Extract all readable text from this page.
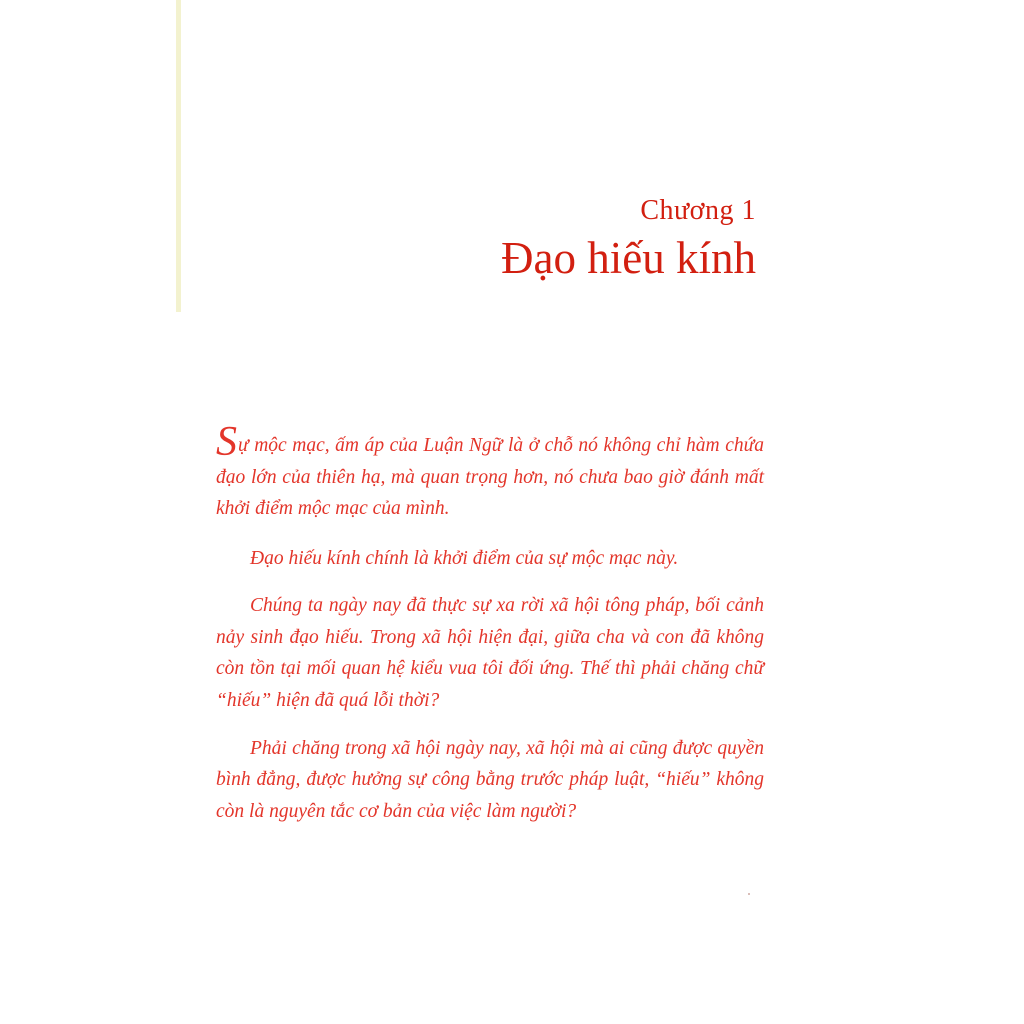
Chương 1
Đạo hiếu kính

Sự mộc mạc, ấm áp của Luận Ngữ là ở chỗ nó không chỉ hàm chứa đạo lớn của thiên hạ, mà quan trọng hơn, nó chưa bao giờ đánh mất khởi điểm mộc mạc của mình.

Đạo hiếu kính chính là khởi điểm của sự mộc mạc này.

Chúng ta ngày nay đã thực sự xa rời xã hội tông pháp, bối cảnh nảy sinh đạo hiếu. Trong xã hội hiện đại, giữa cha và con đã không còn tồn tại mối quan hệ kiểu vua tôi đối ứng. Thế thì phải chăng chữ “hiếu” hiện đã quá lỗi thời?

Phải chăng trong xã hội ngày nay, xã hội mà ai cũng được quyền bình đẳng, được hưởng sự công bằng trước pháp luật, “hiếu” không còn là nguyên tắc cơ bản của việc làm người?
